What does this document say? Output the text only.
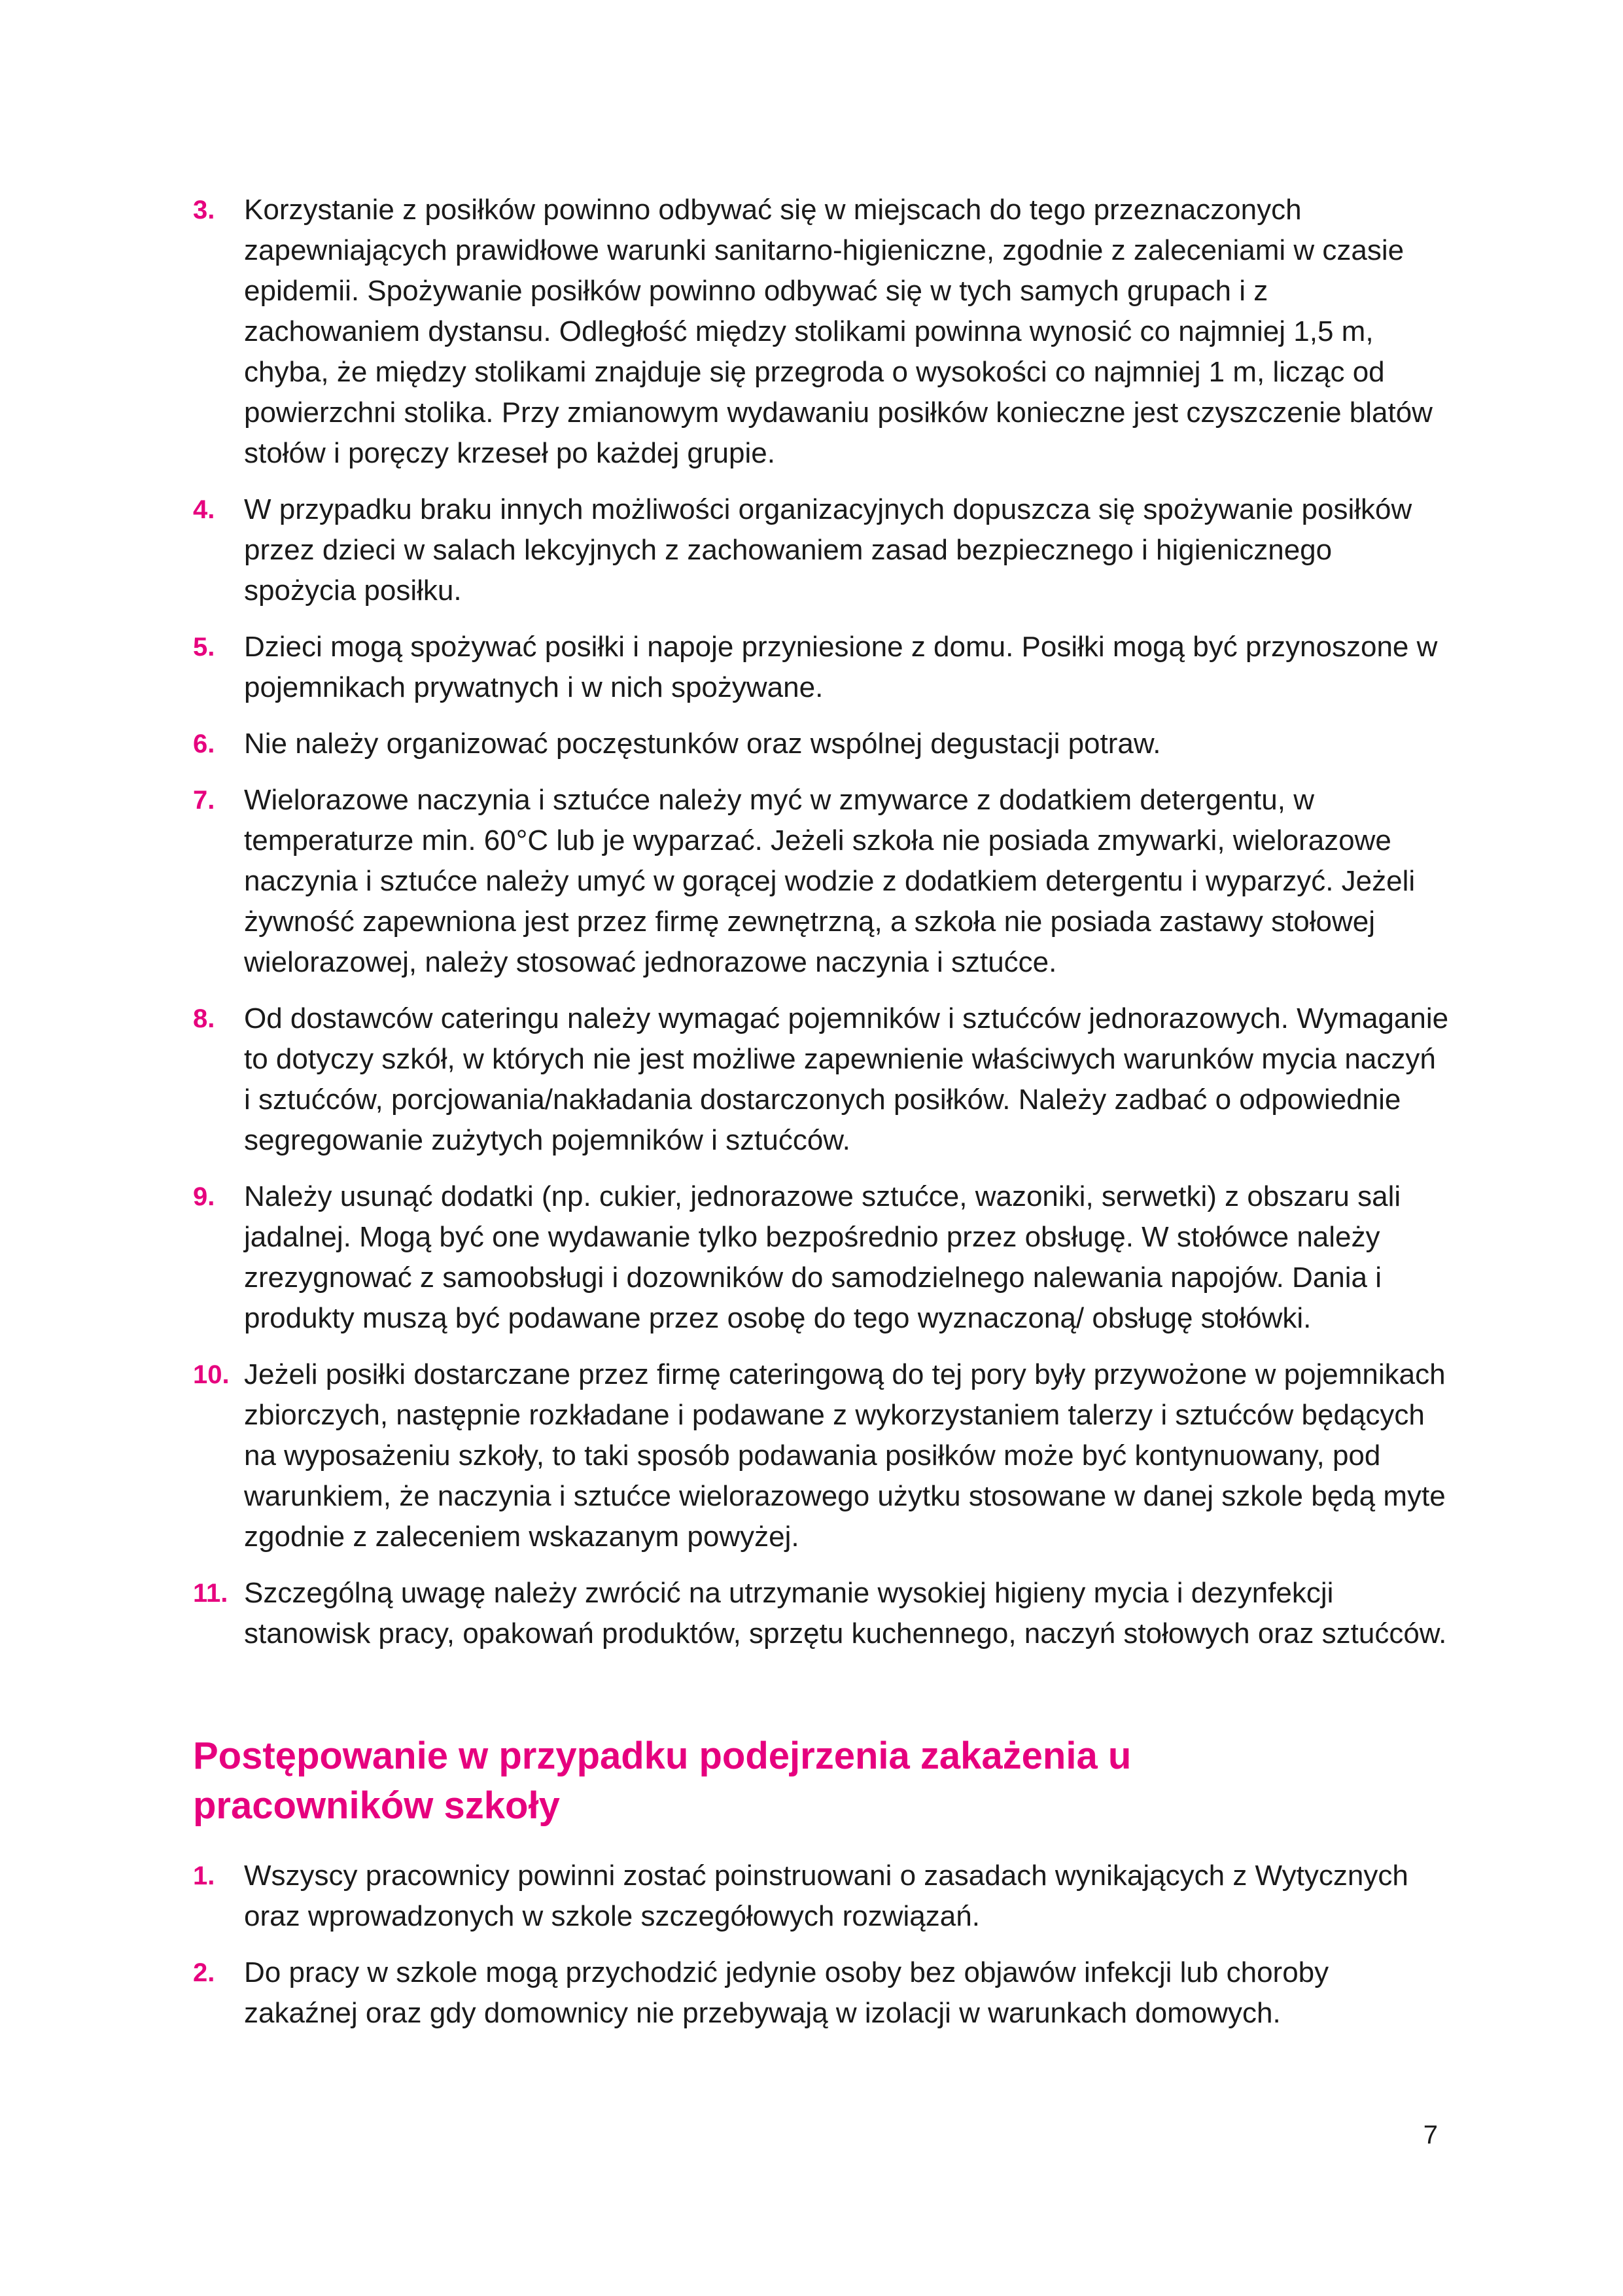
3. Korzystanie z posiłków powinno odbywać się w miejscach do tego przeznaczonych zapewniających prawidłowe warunki sanitarno-higieniczne, zgodnie z zaleceniami w czasie epidemii. Spożywanie posiłków powinno odbywać się w tych samych grupach i z zachowaniem dystansu. Odległość między stolikami powinna wynosić co najmniej 1,5 m, chyba, że między stolikami znajduje się przegroda o wysokości co najmniej 1 m, licząc od powierzchni stolika. Przy zmianowym wydawaniu posiłków konieczne jest czyszczenie blatów stołów i poręczy krzeseł po każdej grupie.
4. W przypadku braku innych możliwości organizacyjnych dopuszcza się spożywanie posiłków przez dzieci w salach lekcyjnych z zachowaniem zasad bezpiecznego i higienicznego spożycia posiłku.
5. Dzieci mogą spożywać posiłki i napoje przyniesione z domu. Posiłki mogą być przynoszone w pojemnikach prywatnych i w nich spożywane.
6. Nie należy organizować poczęstunków oraz wspólnej degustacji potraw.
7. Wielorazowe naczynia i sztućce należy myć w zmywarce z dodatkiem detergentu, w temperaturze min. 60°C lub je wyparzać. Jeżeli szkoła nie posiada zmywarki, wielorazowe naczynia i sztućce należy umyć w gorącej wodzie z dodatkiem detergentu i wyparzyć. Jeżeli żywność zapewniona jest przez firmę zewnętrzną, a szkoła nie posiada zastawy stołowej wielorazowej, należy stosować jednorazowe naczynia i sztućce.
8. Od dostawców cateringu należy wymagać pojemników i sztućców jednorazowych. Wymaganie to dotyczy szkół, w których nie jest możliwe zapewnienie właściwych warunków mycia naczyń i sztućców, porcjowania/nakładania dostarczonych posiłków. Należy zadbać o odpowiednie segregowanie zużytych pojemników i sztućców.
9. Należy usunąć dodatki (np. cukier, jednorazowe sztućce, wazoniki, serwetki) z obszaru sali jadalnej. Mogą być one wydawanie tylko bezpośrednio przez obsługę. W stołówce należy zrezygnować z samoobsługi i dozowników do samodzielnego nalewania napojów. Dania i produkty muszą być podawane przez osobę do tego wyznaczoną/ obsługę stołówki.
10. Jeżeli posiłki dostarczane przez firmę cateringową do tej pory były przywożone w pojemnikach zbiorczych, następnie rozkładane i podawane z wykorzystaniem talerzy i sztućców będących na wyposażeniu szkoły, to taki sposób podawania posiłków może być kontynuowany, pod warunkiem, że naczynia i sztućce wielorazowego użytku stosowane w danej szkole będą myte zgodnie z zaleceniem wskazanym powyżej.
11. Szczególną uwagę należy zwrócić na utrzymanie wysokiej higieny mycia i dezynfekcji stanowisk pracy, opakowań produktów, sprzętu kuchennego, naczyń stołowych oraz sztućców.
Postępowanie w przypadku podejrzenia zakażenia u pracowników szkoły
1. Wszyscy pracownicy powinni zostać poinstruowani o zasadach wynikających z Wytycznych oraz wprowadzonych w szkole szczegółowych rozwiązań.
2. Do pracy w szkole mogą przychodzić jedynie osoby bez objawów infekcji lub choroby zakaźnej oraz gdy domownicy nie przebywają w izolacji w warunkach domowych.
7
